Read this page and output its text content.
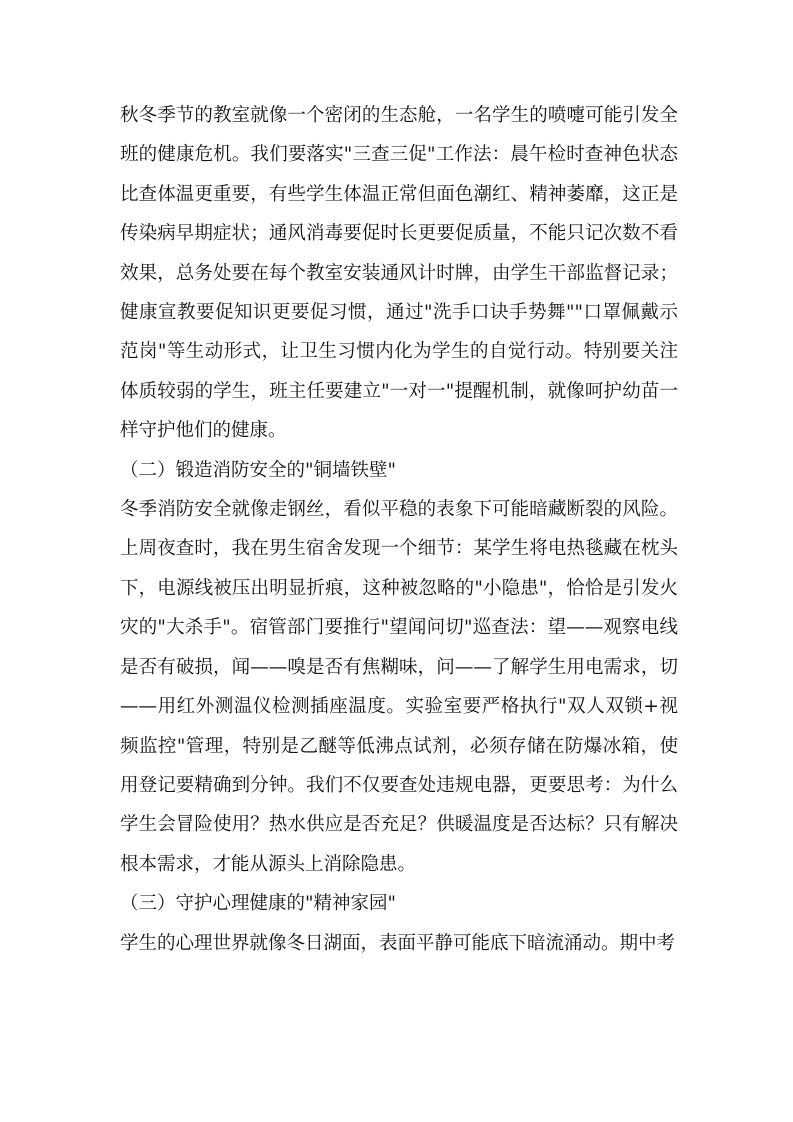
秋冬季节的教室就像一个密闭的生态舱，一名学生的喷嚏可能引发全班的健康危机。我们要落实"三查三促"工作法：晨午检时查神色状态比查体温更重要，有些学生体温正常但面色潮红、精神萎靡，这正是传染病早期症状；通风消毒要促时长更要促质量，不能只记次数不看效果，总务处要在每个教室安装通风计时牌，由学生干部监督记录；健康宣教要促知识更要促习惯，通过"洗手口诀手势舞""口罩佩戴示范岗"等生动形式，让卫生习惯内化为学生的自觉行动。特别要关注体质较弱的学生，班主任要建立"一对一"提醒机制，就像呵护幼苗一样守护他们的健康。

（二）锻造消防安全的"铜墙铁壁"

冬季消防安全就像走钢丝，看似平稳的表象下可能暗藏断裂的风险。上周夜查时，我在男生宿舍发现一个细节：某学生将电热毯藏在枕头下，电源线被压出明显折痕，这种被忽略的"小隐患"，恰恰是引发火灾的"大杀手"。宿管部门要推行"望闻问切"巡查法：望——观察电线是否有破损，闻——嗅是否有焦糊味，问——了解学生用电需求，切——用红外测温仪检测插座温度。实验室要严格执行"双人双锁+视频监控"管理，特别是乙醚等低沸点试剂，必须存储在防爆冰箱，使用登记要精确到分钟。我们不仅要查处违规电器，更要思考：为什么学生会冒险使用？热水供应是否充足？供暖温度是否达标？只有解决根本需求，才能从源头上消除隐患。

（三）守护心理健康的"精神家园"

学生的心理世界就像冬日湖面，表面平静可能底下暗流涌动。期中考
